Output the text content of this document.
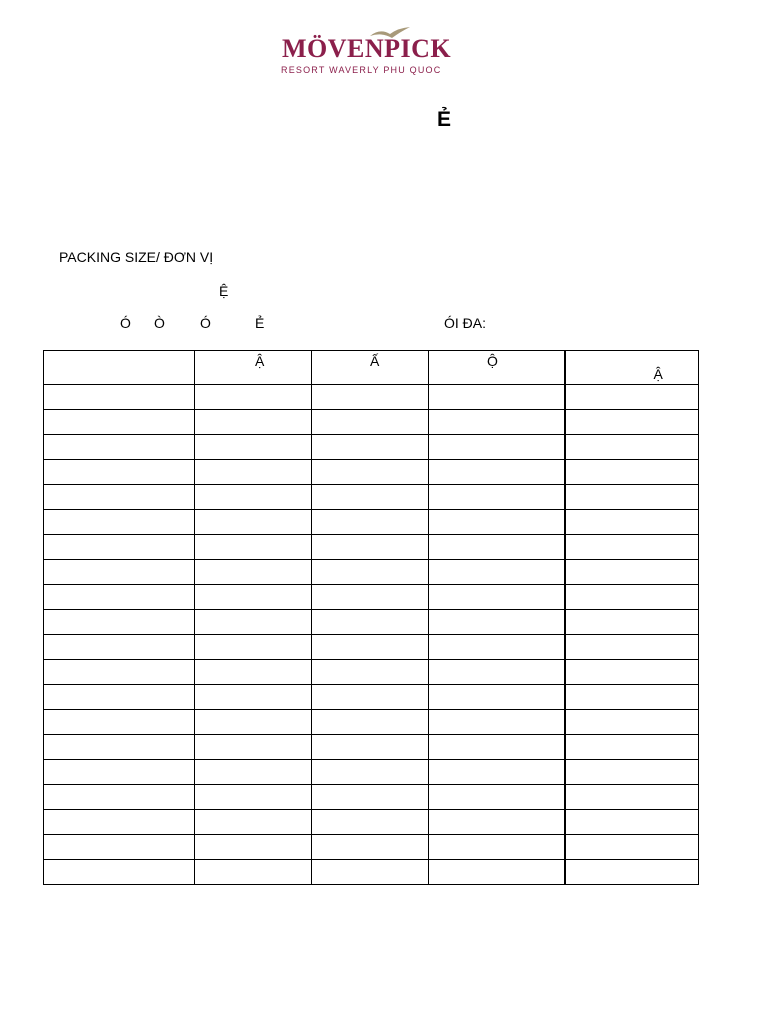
MÖVENPICK
RESORT WAVERLY PHU QUOC
Ẻ
PACKING SIZE/ ĐƠN VỊ
Ệ
Ó Ò	Ó	Ẻ	ÓI ĐA:

	Ậ	Ấ	Ộ	Ậ
